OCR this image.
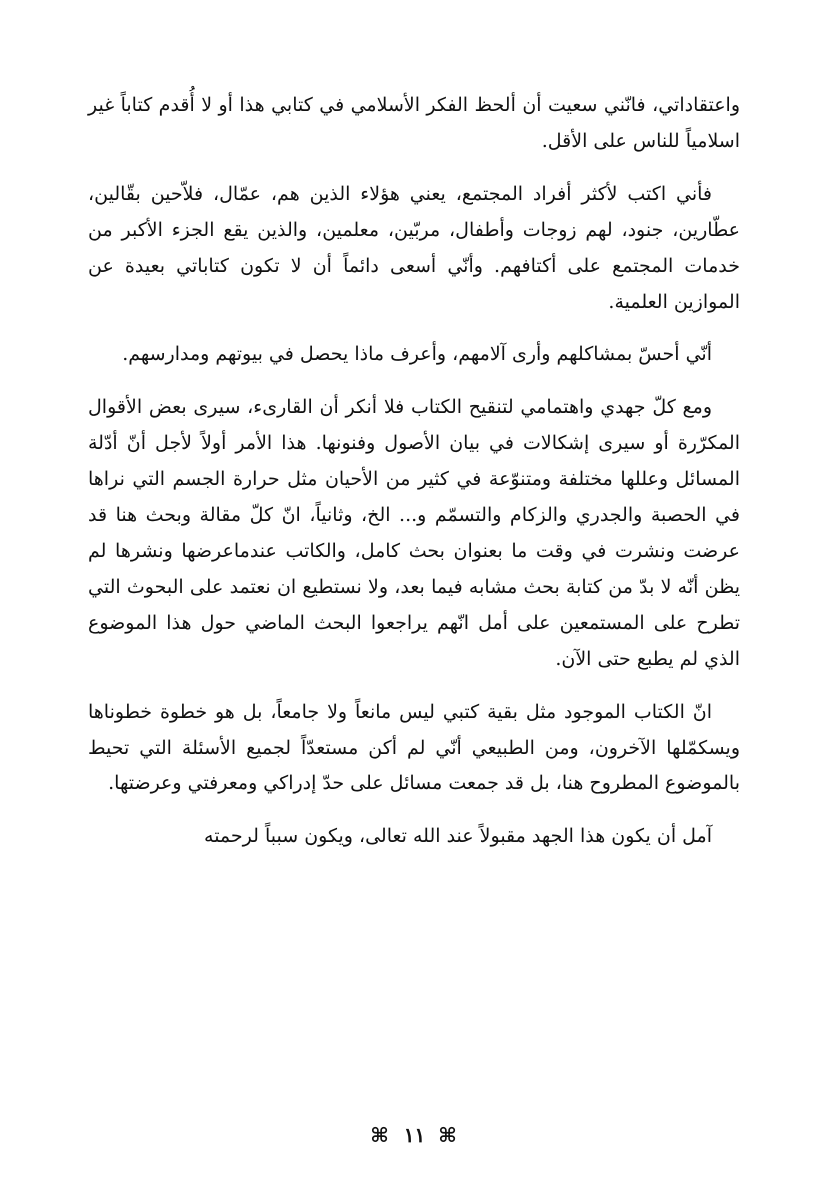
واعتقاداتي، فانّني سعيت أن ألحظ الفكر الأسلامي في كتابي هذا أو لا أُقدم كتاباً غير اسلامياً للناس على الأقل.

فأني اكتب لأكثر أفراد المجتمع، يعني هؤلاء الذين هم، عمّال، فلاّحين بقّالين، عطّارين، جنود، لهم زوجات وأطفال، مربّين، معلمين، والذين يقع الجزء الأكبر من خدمات المجتمع على أكتافهم. وأنّي أسعى دائماً أن لا تكون كتاباتي بعيدة عن الموازين العلمية.

أنّي أحسّ بمشاكلهم وأرى آلامهم، وأعرف ماذا يحصل في بيوتهم ومدارسهم.

ومع كلّ جهدي واهتمامي لتنقيح الكتاب فلا أنكر أن القارىء، سيرى بعض الأقوال المكرّرة أو سيرى إشكالات في بيان الأصول وفنونها. هذا الأمر أولاً لأجل أنّ أدّلة المسائل وعللها مختلفة ومتنوّعة في كثير من الأحيان مثل حرارة الجسم التي نراها في الحصبة والجدري والزكام والتسمّم و... الخ، وثانياً، انّ كلّ مقالة وبحث هنا قد عرضت ونشرت في وقت ما بعنوان بحث كامل، والكاتب عندماعرضها ونشرها لم يظن أنّه لا بدّ من كتابة بحث مشابه فيما بعد، ولا نستطيع ان نعتمد على البحوث التي تطرح على المستمعين على أمل انّهم يراجعوا البحث الماضي حول هذا الموضوع الذي لم يطبع حتى الآن.

انّ الكتاب الموجود مثل بقية كتبي ليس مانعاً ولا جامعاً، بل هو خطوة خطوناها ويسكمّلها الآخرون، ومن الطبيعي أنّي لم أكن مستعدّاً لجميع الأسئلة التي تحيط بالموضوع المطروح هنا، بل قد جمعت مسائل على حدّ إدراكي ومعرفتي وعرضتها.

آمل أن يكون هذا الجهد مقبولاً عند الله تعالى، ويكون سبباً لرحمته

⌘ ١١ ⌘
